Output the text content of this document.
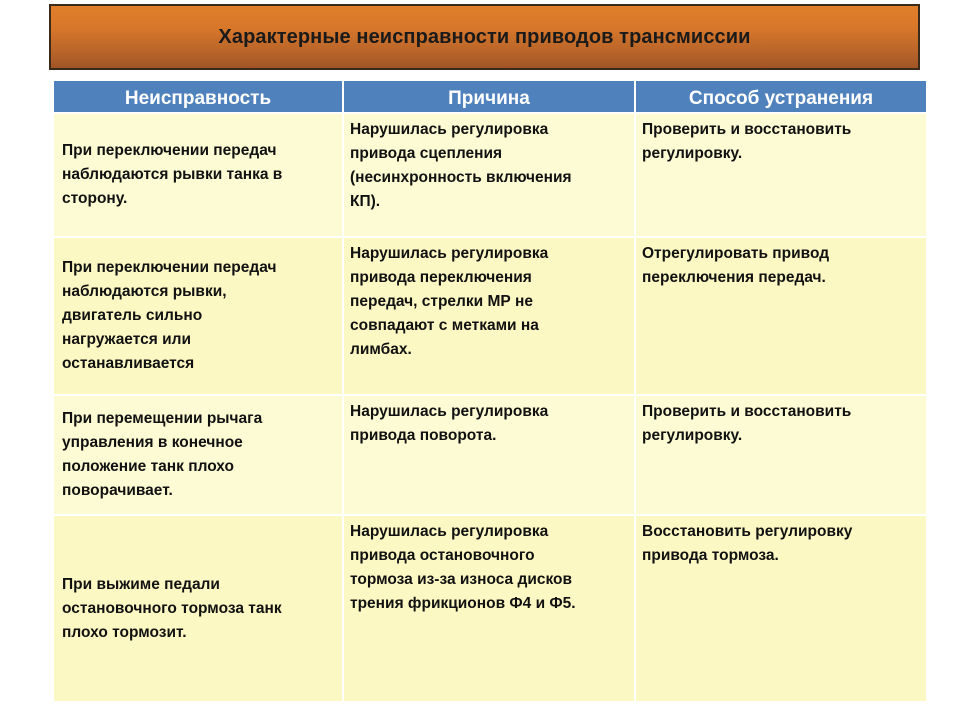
Характерные неисправности приводов трансмиссии
Неисправность	Причина	Способ устранения

При переключении передач
наблюдаются рывки танка в
сторону.	Нарушилась регулировка
привода сцепления
(несинхронность включения
КП).	Проверить и восстановить
регулировку.

При переключении передач
наблюдаются рывки,
двигатель сильно
нагружается или
останавливается	Нарушилась регулировка
привода переключения
передач, стрелки МР не
совпадают с метками на
лимбах.	Отрегулировать привод
переключения передач.

При перемещении рычага
управления в конечное
положение танк плохо
поворачивает.	Нарушилась регулировка
привода поворота.	Проверить и восстановить
регулировку.

При выжиме педали
остановочного тормоза танк
плохо тормозит.	Нарушилась регулировка
привода остановочного
тормоза из-за износа дисков
трения фрикционов Ф4 и Ф5.	Восстановить регулировку
привода тормоза.
